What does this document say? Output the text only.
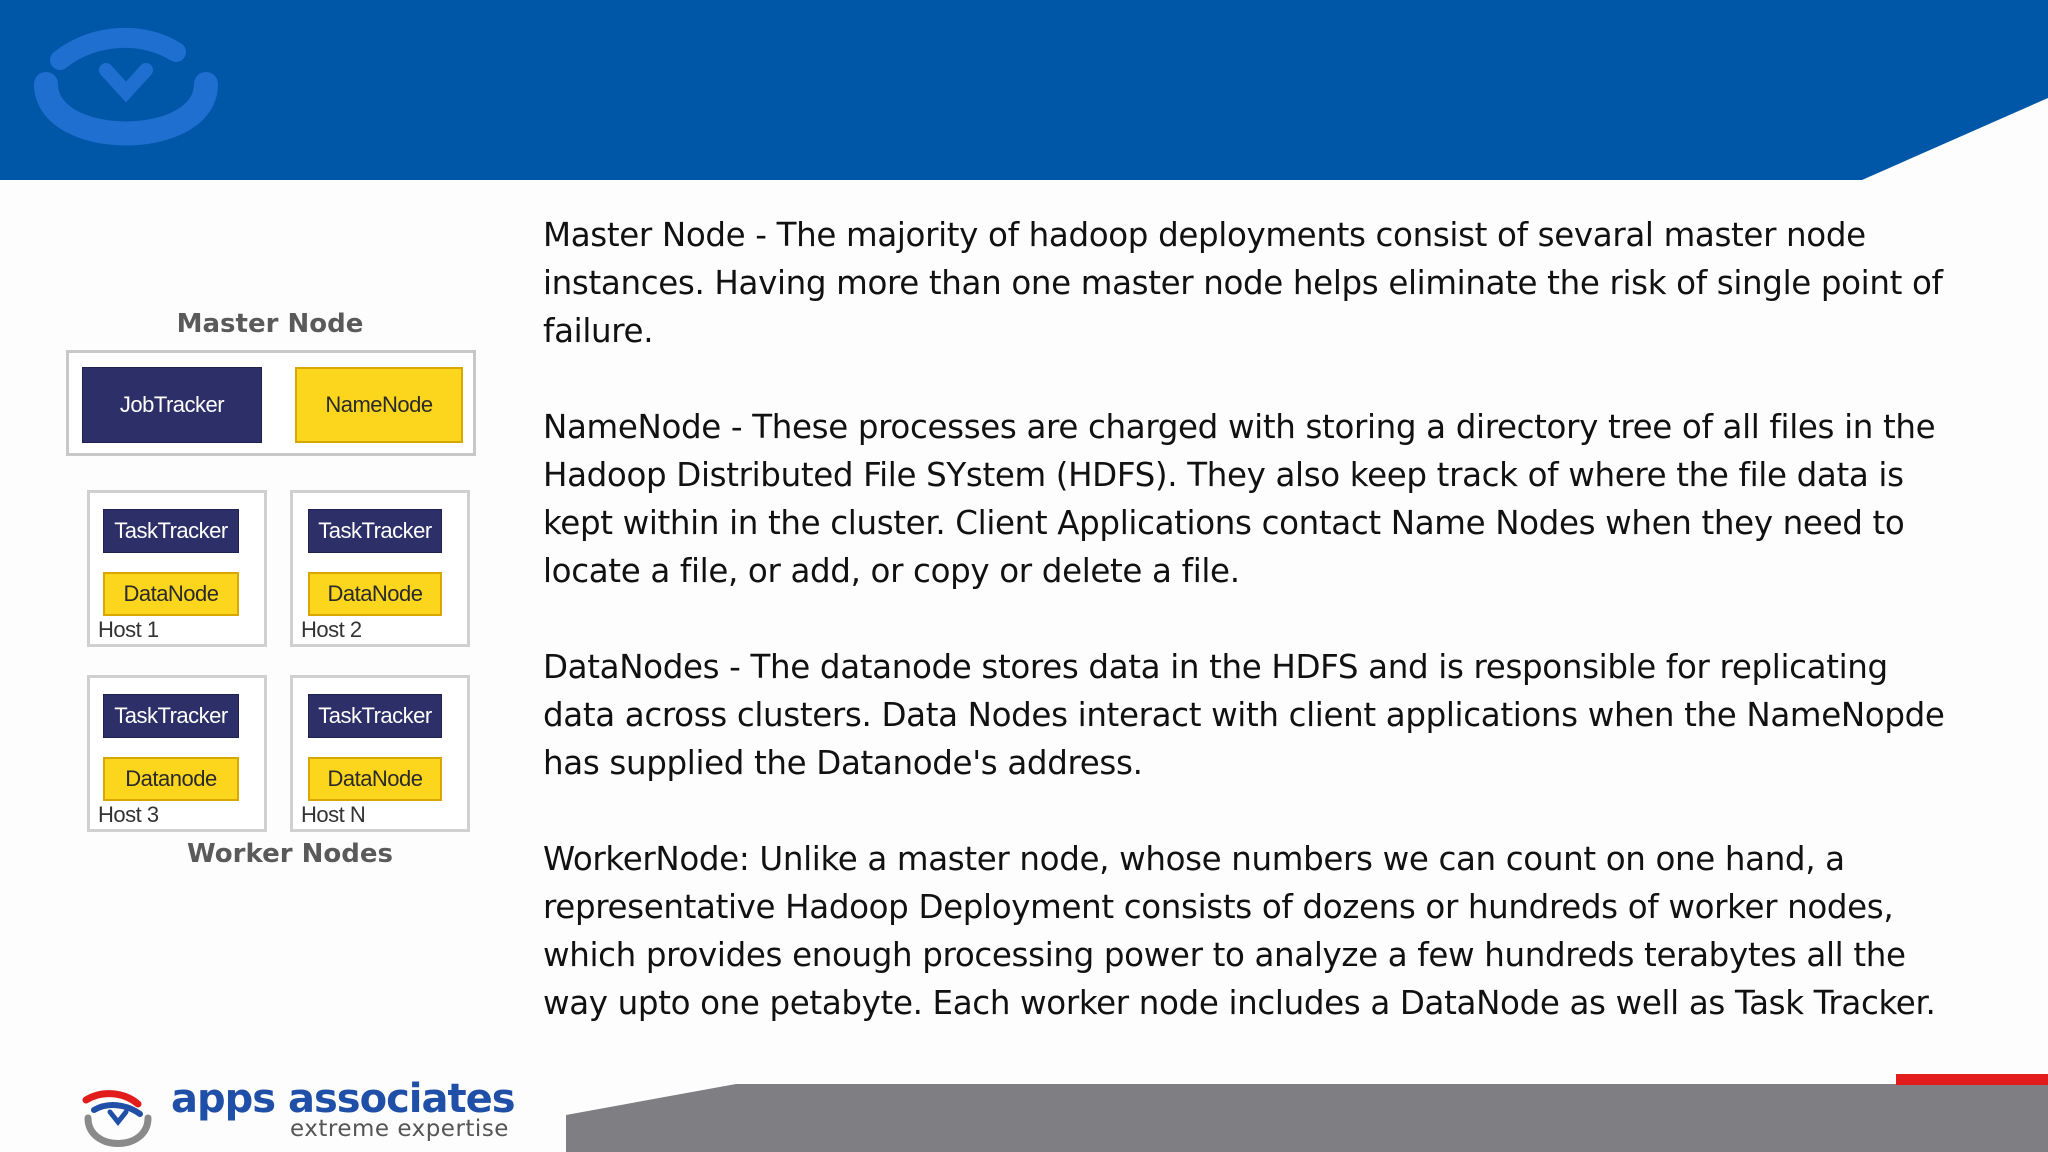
Master Node
JobTracker	NameNode
TaskTracker
DataNode
Host 1
TaskTracker
DataNode
Host 2
TaskTracker
Datanode
Host 3
TaskTracker
DataNode
Host N
Worker Nodes

Master Node - The majority of hadoop deployments consist of sevaral master node
instances. Having more than one master node helps eliminate the risk of single point of
failure.

NameNode - These processes are charged with storing a directory tree of all files in the
Hadoop Distributed File SYstem (HDFS). They also keep track of where the file data is
kept within in the cluster. Client Applications contact Name Nodes when they need to
locate a file, or add, or copy or delete a file.

DataNodes - The datanode stores data in the HDFS and is responsible for replicating
data across clusters. Data Nodes interact with client applications when the NameNopde
has supplied the Datanode's address.

WorkerNode: Unlike a master node, whose numbers we can count on one hand, a
representative Hadoop Deployment consists of dozens or hundreds of worker nodes,
which provides enough processing power to analyze a few hundreds terabytes all the
way upto one petabyte. Each worker node includes a DataNode as well as Task Tracker.

apps associates
extreme expertise
